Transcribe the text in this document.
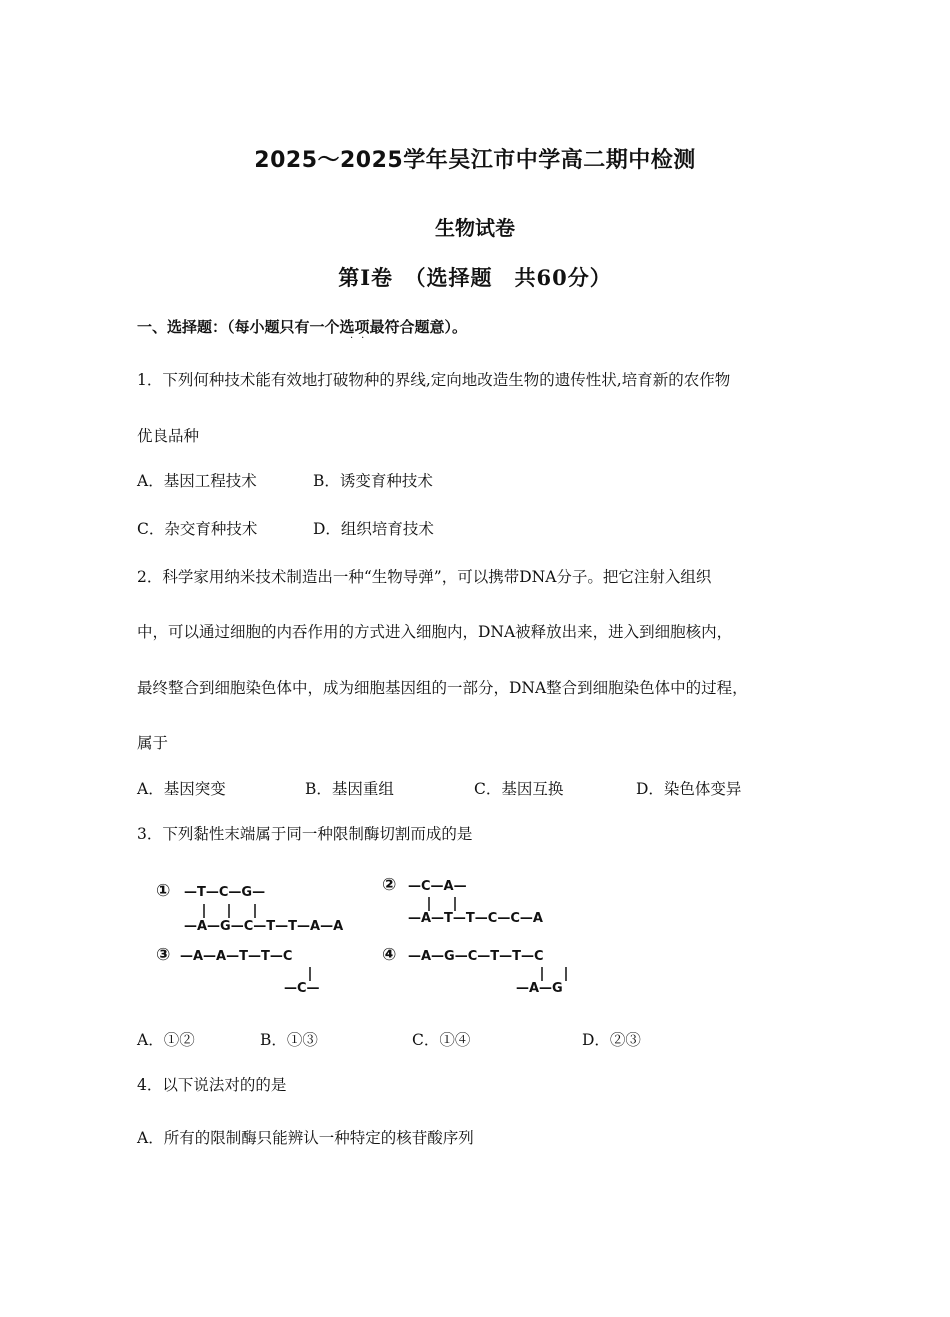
2025～2025学年吴江市中学高二期中检测
生物试卷
第Ⅰ卷　（选择题　共60分）
一、选择题：（每小题只有一个选项最符合题意）。
··
1．下列何种技术能有效地打破物种的界线,定向地改造生物的遗传性状,培育新的农作物
优良品种
A．基因工程技术	B．诱变育种技术
C．杂交育种技术	D．组织培育技术
2．科学家用纳米技术制造出一种“生物导弹”，可以携带DNA分子。把它注射入组织
中，可以通过细胞的内吞作用的方式进入细胞内，DNA被释放出来，进入到细胞核内，
最终整合到细胞染色体中，成为细胞基因组的一部分，DNA整合到细胞染色体中的过程，
属于
A．基因突变	B．基因重组	C．基因互换	D．染色体变异
3．下列黏性末端属于同一种限制酶切割而成的是
① —T—C—G—
—A—G—C—T—T—A—A
② —C—A—
—A—T—T—C—C—A
③ —A—A—T—T—C
—C—
④ —A—G—C—T—T—C
—A—G
A．①②	B．①③	C．①④	D．②③
4．以下说法对的的是
A．所有的限制酶只能辨认一种特定的核苷酸序列
